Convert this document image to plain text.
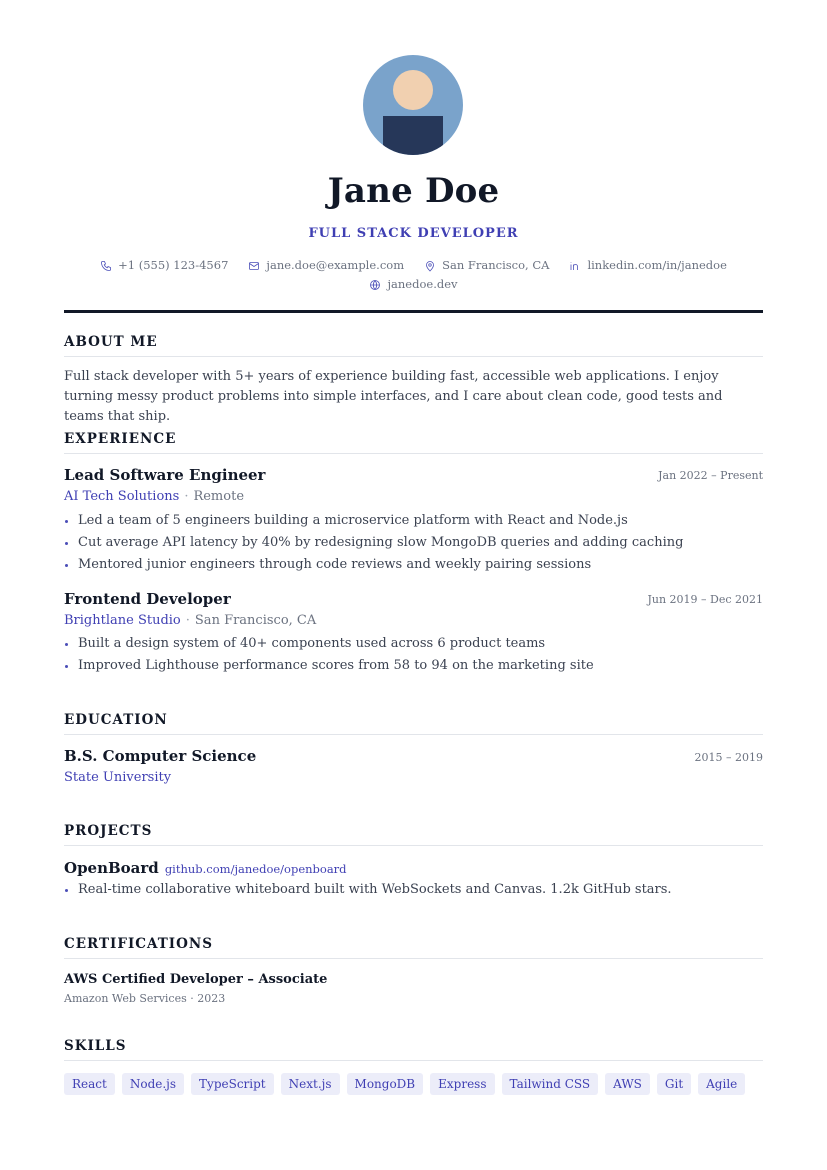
Jane Doe
FULL STACK DEVELOPER
+1 (555) 123-4567	jane.doe@example.com	San Francisco, CA	linkedin.com/in/janedoe
janedoe.dev
ABOUT ME
Full stack developer with 5+ years of experience building fast, accessible web applications. I enjoy turning messy product problems into simple interfaces, and I care about clean code, good tests and teams that ship.
EXPERIENCE
Lead Software Engineer	Jan 2022 – Present
AI Tech Solutions · Remote
Led a team of 5 engineers building a microservice platform with React and Node.js
Cut average API latency by 40% by redesigning slow MongoDB queries and adding caching
Mentored junior engineers through code reviews and weekly pairing sessions
Frontend Developer	Jun 2019 – Dec 2021
Brightlane Studio · San Francisco, CA
Built a design system of 40+ components used across 6 product teams
Improved Lighthouse performance scores from 58 to 94 on the marketing site
EDUCATION
B.S. Computer Science	2015 – 2019
State University
PROJECTS
OpenBoard github.com/janedoe/openboard
Real-time collaborative whiteboard built with WebSockets and Canvas. 1.2k GitHub stars.
CERTIFICATIONS
AWS Certified Developer – Associate
Amazon Web Services · 2023
SKILLS
React	Node.js	TypeScript	Next.js	MongoDB	Express	Tailwind CSS	AWS	Git	Agile
